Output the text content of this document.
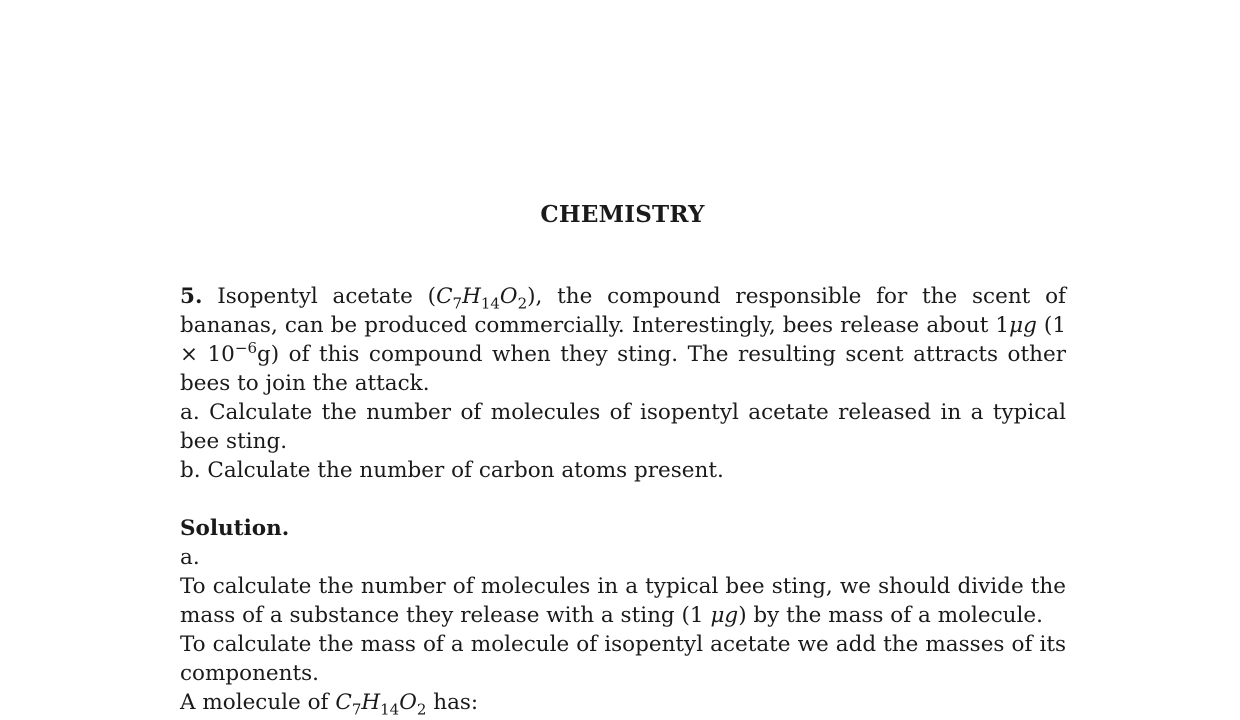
CHEMISTRY

5. Isopentyl acetate $(C_7H_{14}O_2)$, the compound responsible for the scent of bananas, can be produced commercially. Interestingly, bees release about 1μg $(1 \times 10^{-6}g)$ of this compound when they sting. The resulting scent attracts other bees to join the attack.

a. Calculate the number of molecules of isopentyl acetate released in a typical bee sting.

b. Calculate the number of carbon atoms present.

Solution.

a.

To calculate the number of molecules in a typical bee sting, we should divide the mass of a substance they release with a sting (1 μg) by the mass of a molecule.

To calculate the mass of a molecule of isopentyl acetate we add the masses of its components.

A molecule of $C_7H_{14}O_2$ has:
